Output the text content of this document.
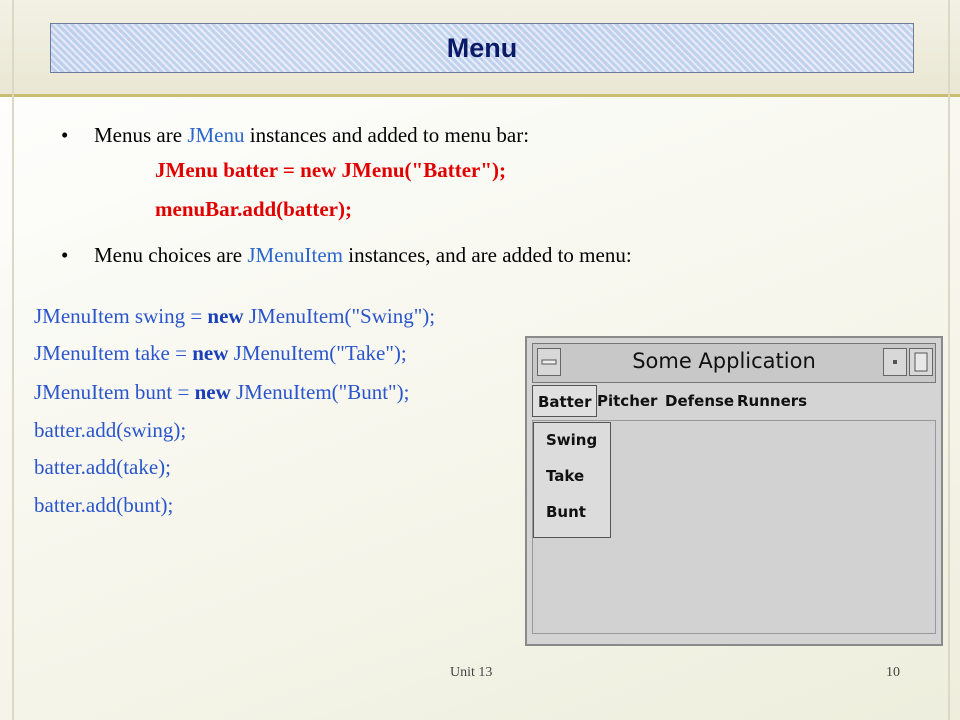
Menu
• Menus are JMenu instances and added to menu bar:
JMenu batter = new JMenu("Batter");
menuBar.add(batter);
• Menu choices are JMenuItem instances, and are added to menu:
JMenuItem swing = new JMenuItem("Swing");
JMenuItem take = new JMenuItem("Take");
JMenuItem bunt = new JMenuItem("Bunt");
batter.add(swing);
batter.add(take);
batter.add(bunt);
Some Application
Batter Pitcher Defense Runners
Swing
Take
Bunt
Unit 13	10
